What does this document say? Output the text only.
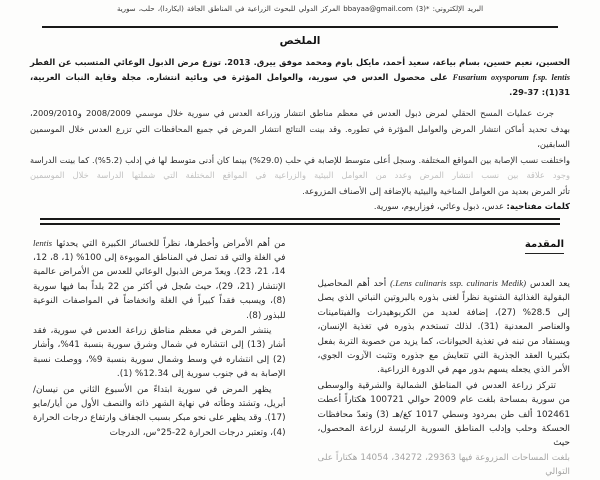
البريد الإلكتروني: *bbayaa@gmail.com (3) المركز الدولي للبحوث الزراعية في المناطق الجافة (ايكاردا)، حلب، سورية
الملخص
الحسين، نعيم حسين، بسام بياعة، سعيد أحمد، مايكل باوم ومحمد موفق ييرق. 2013. توزع مرض الذبول الوعائي المتسبب عن الفطر
Fusarium oxysporum f.sp. lentis على محصول العدس في سورية، والعوامل المؤثرة في وبائية انتشاره. مجلة وقاية النبات العربية،
31(1): 29-37.
جرت عمليات المسح الحقلي لمرض ذبول العدس في معظم مناطق انتشار وزراعة العدس في سورية خلال موسمي 2008/2009 و2009/2010،
بهدف تحديد أماكن انتشار المرض والعوامل المؤثرة في تطوره. وقد بينت النتائج انتشار المرض في جميع المحافظات التي تزرع العدس خلال الموسمين السابقين،
واختلفت نسب الإصابة بين المواقع المختلفة. وسجل أعلى متوسط للإصابة في حلب (29.0%) بينما كان أدنى متوسط لها في إدلب (5.2%). كما بينت الدراسة
وجود علاقة بين نسب انتشار المرض وعدد من العوامل البيئية والزراعية في المواقع المختلفة التي شملتها الدراسة خلال الموسمين
تأثر المرض بعديد من العوامل المناخية والبيئية بالإضافة إلى الأصناف المزروعة.
كلمات مفتاحية: عدس، ذبول وعائي، فوزاريوم، سورية.
المقدمة

يعد العدس (Lens culinaris ssp. culinaris Medik.) أحد أهم المحاصيل البقولية الغذائية الشتوية نظراً لغنى بذوره بالبروتين النباتي الذي يصل إلى 28.5% (27)، إضافة لعديد من الكربوهيدرات والفيتامينات والعناصر المعدنية (31). لذلك تستخدم بذوره في تغذية الإنسان، ويستفاد من تبنه في تغذية الحيوانات، كما يزيد من خصوبة التربة بفعل بكتيريا العقد الجذرية التي تتعايش مع جذوره وتثبت الآزوت الجوي، الأمر الذي يجعله يسهم بدور مهم في الدورة الزراعية.

تتركز زراعة العدس في المناطق الشمالية والشرقية والوسطى من سورية بمساحة بلغت عام 2009 حوالي 100721 هكتاراً أعطت 102461 ألف طن بمردود وسطي 1017 كغ/هـ (3) وتعدّ محافظات الحسكة وحلب وإدلب المناطق السورية الرئيسة لزراعة المحصول، حيث

بلغت المساحات المزروعة فيها 29363، 34272، 14054 هكتاراً على التوالي

lentis من أهم الأمراض وأخطرها، نظراً للخسائر الكبيرة التي يحدثها

في الغلة والتي قد تصل في المناطق الموبوءة إلى 100% (1، 8، 12، 14، 21، 23). ويعدّ مرض الذبول الوعائي للعدس من الأمراض عالمية الإنتشار (21، 29)، حيث سُجل في أكثر من 22 بلداً بما فيها سورية (8)، ويسبب فقداً كبيراً في الغلة وانخفاضاً في المواصفات النوعية للبذور (8).

ينتشر المرض في معظم مناطق زراعة العدس في سورية، فقد أشار (13) إلى انتشاره في شمال وشرق سورية بنسبة 41%، وأشار (2) إلى انتشاره في وسط وشمال سورية بنسبة 9%، ووصلت نسبة الإصابة به في جنوب سورية إلى 12.34% (1).

يظهر المرض في سورية ابتداءً من الأسبوع الثاني من نيسان/أبريل، وتشتد وطأته في نهاية الشهر ذاته والنصف الأول من أيار/مايو (17). وقد يظهر على نحو مبكر بسبب الجفاف وارتفاع درجات الحرارة (4)، وتعتبر درجات الحرارة 22-25°س، الدرجات
